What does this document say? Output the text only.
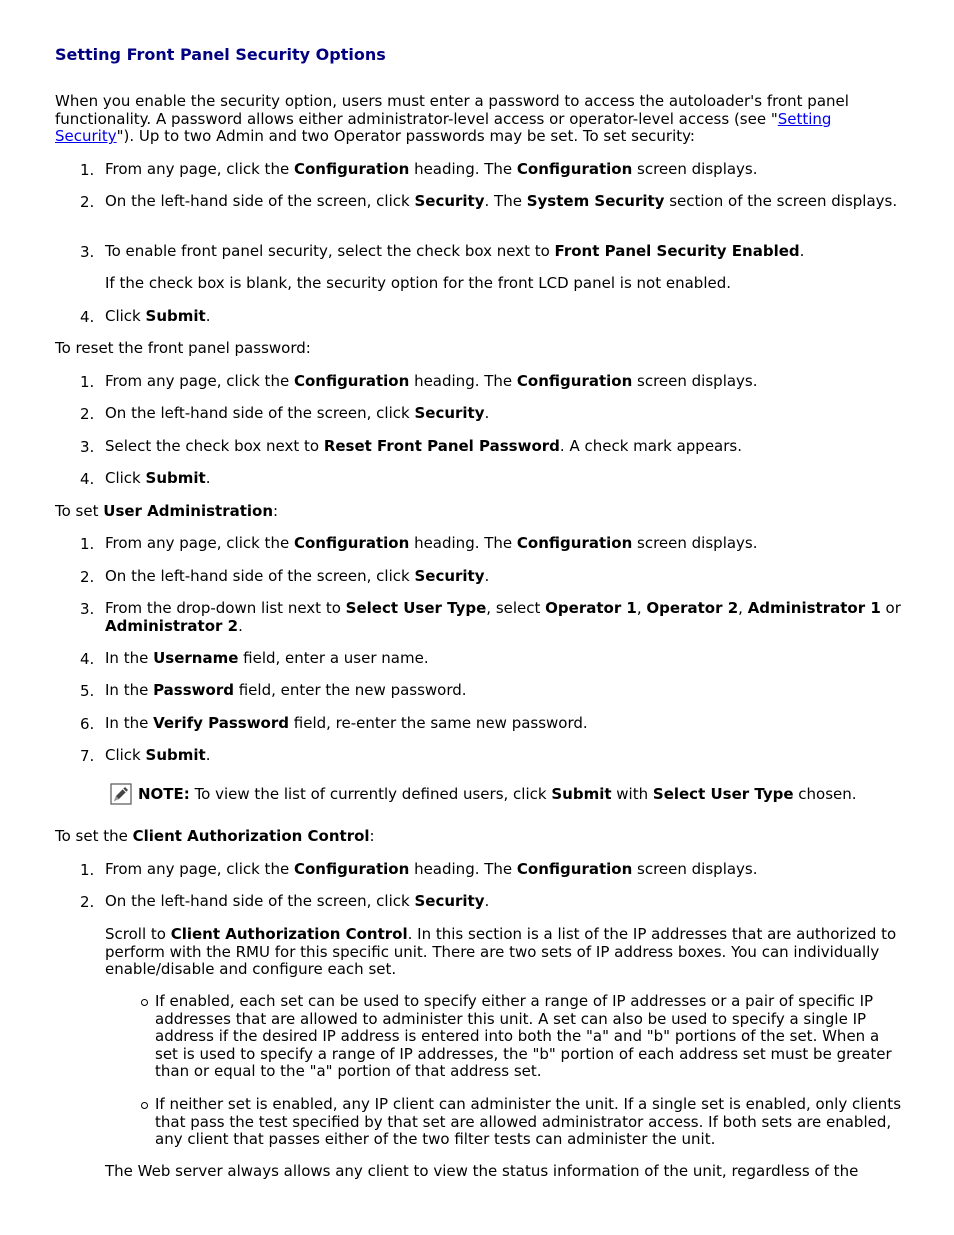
Setting Front Panel Security Options

When you enable the security option, users must enter a password to access the autoloader's front panel functionality. A password allows either administrator-level access or operator-level access (see "Setting Security"). Up to two Admin and two Operator passwords may be set. To set security:

1. From any page, click the Configuration heading. The Configuration screen displays.
2. On the left-hand side of the screen, click Security. The System Security section of the screen displays.
3. To enable front panel security, select the check box next to Front Panel Security Enabled.
If the check box is blank, the security option for the front LCD panel is not enabled.
4. Click Submit.

To reset the front panel password:

1. From any page, click the Configuration heading. The Configuration screen displays.
2. On the left-hand side of the screen, click Security.
3. Select the check box next to Reset Front Panel Password. A check mark appears.
4. Click Submit.

To set User Administration:

1. From any page, click the Configuration heading. The Configuration screen displays.
2. On the left-hand side of the screen, click Security.
3. From the drop-down list next to Select User Type, select Operator 1, Operator 2, Administrator 1 or Administrator 2.
4. In the Username field, enter a user name.
5. In the Password field, enter the new password.
6. In the Verify Password field, re-enter the same new password.
7. Click Submit.
NOTE: To view the list of currently defined users, click Submit with Select User Type chosen.

To set the Client Authorization Control:

1. From any page, click the Configuration heading. The Configuration screen displays.
2. On the left-hand side of the screen, click Security.
Scroll to Client Authorization Control. In this section is a list of the IP addresses that are authorized to perform with the RMU for this specific unit. There are two sets of IP address boxes. You can individually enable/disable and configure each set.
If enabled, each set can be used to specify either a range of IP addresses or a pair of specific IP addresses that are allowed to administer this unit. A set can also be used to specify a single IP address if the desired IP address is entered into both the "a" and "b" portions of the set. When a set is used to specify a range of IP addresses, the "b" portion of each address set must be greater than or equal to the "a" portion of that address set.
If neither set is enabled, any IP client can administer the unit. If a single set is enabled, only clients that pass the test specified by that set are allowed administrator access. If both sets are enabled, any client that passes either of the two filter tests can administer the unit.
The Web server always allows any client to view the status information of the unit, regardless of the
